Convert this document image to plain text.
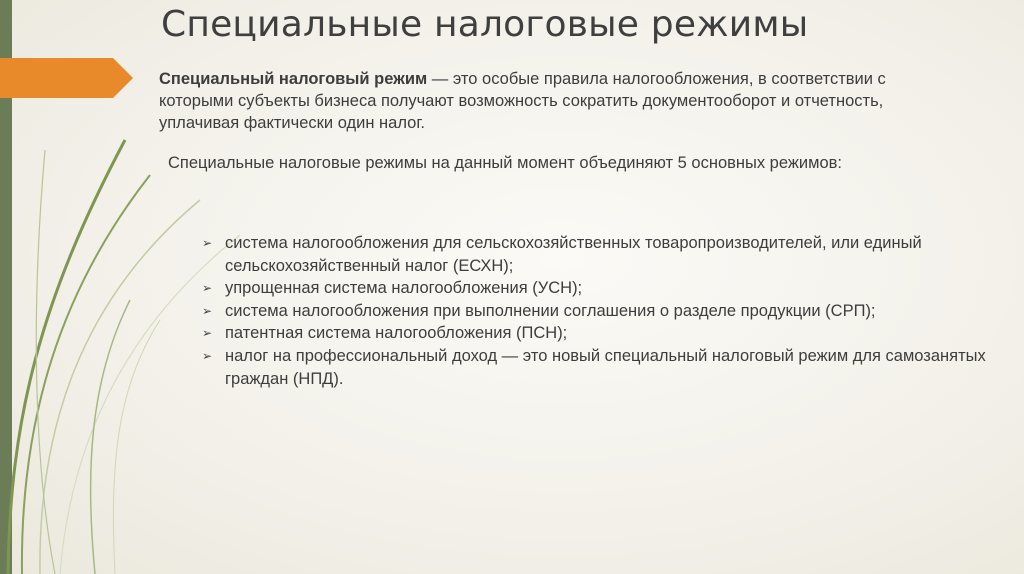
Специальные налоговые режимы

Специальный налоговый режим — это особые правила налогообложения, в соответствии с которыми субъекты бизнеса получают возможность сократить документооборот и отчетность, уплачивая фактически один налог.

Специальные налоговые режимы на данный момент объединяют 5 основных режимов:

➢ система налогообложения для сельскохозяйственных товаропроизводителей, или единый сельскохозяйственный налог (ЕСХН);
➢ упрощенная система налогообложения (УСН);
➢ система налогообложения при выполнении соглашения о разделе продукции (СРП);
➢ патентная система налогообложения (ПСН);
➢ налог на профессиональный доход — это новый специальный налоговый режим для самозанятых граждан (НПД).
